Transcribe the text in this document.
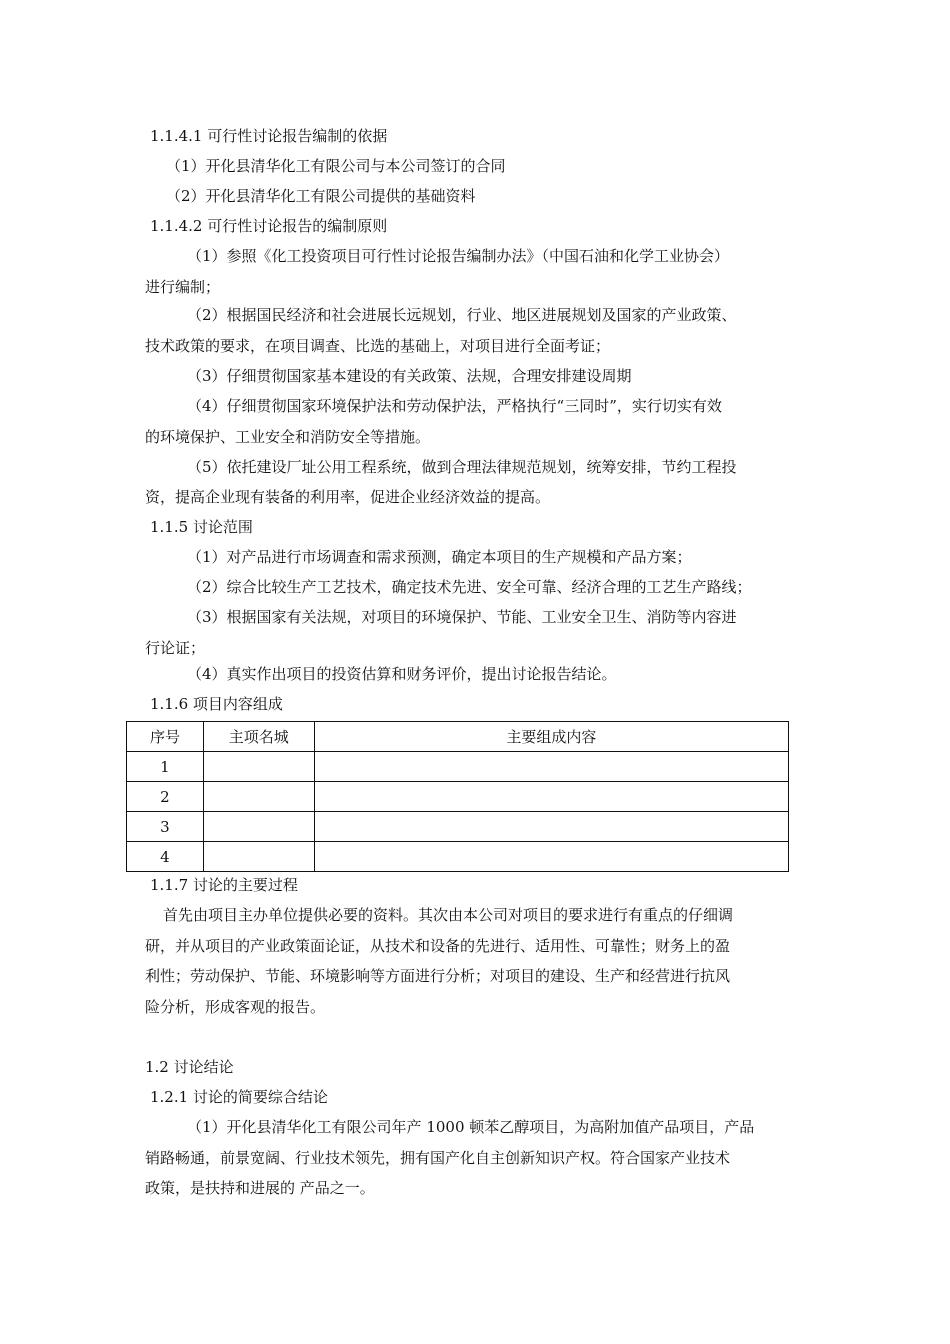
1.1.4.1 可行性讨论报告编制的依据
（1）开化县清华化工有限公司与本公司签订的合同
（2）开化县清华化工有限公司提供的基础资料
1.1.4.2 可行性讨论报告的编制原则
（1）参照《化工投资项目可行性讨论报告编制办法》（中国石油和化学工业协会）
进行编制；
（2）根据国民经济和社会进展长远规划，行业、地区进展规划及国家的产业政策、
技术政策的要求，在项目调查、比选的基础上，对项目进行全面考证；
（3）仔细贯彻国家基本建设的有关政策、法规，合理安排建设周期
（4）仔细贯彻国家环境保护法和劳动保护法，严格执行“三同时”，实行切实有效
的环境保护、工业安全和消防安全等措施。
（5）依托建设厂址公用工程系统，做到合理法律规范规划，统筹安排，节约工程投
资，提高企业现有装备的利用率，促进企业经济效益的提高。
1.1.5 讨论范围
（1）对产品进行市场调查和需求预测，确定本项目的生产规模和产品方案；
（2）综合比较生产工艺技术，确定技术先进、安全可靠、经济合理的工艺生产路线；
（3）根据国家有关法规，对项目的环境保护、节能、工业安全卫生、消防等内容进
行论证；
（4）真实作出项目的投资估算和财务评价，提出讨论报告结论。
1.1.6 项目内容组成
序号	主项名城	主要组成内容
1		
2		
3		
4		
1.1.7 讨论的主要过程
首先由项目主办单位提供必要的资料。其次由本公司对项目的要求进行有重点的仔细调
研，并从项目的产业政策面论证，从技术和设备的先进行、适用性、可靠性；财务上的盈
利性；劳动保护、节能、环境影响等方面进行分析；对项目的建设、生产和经营进行抗风
险分析，形成客观的报告。
1.2 讨论结论
1.2.1 讨论的简要综合结论
（1）开化县清华化工有限公司年产 1000 顿苯乙醇项目，为高附加值产品项目，产品
销路畅通，前景宽阔、行业技术领先，拥有国产化自主创新知识产权。符合国家产业技术
政策，是扶持和进展的 产品之一。
